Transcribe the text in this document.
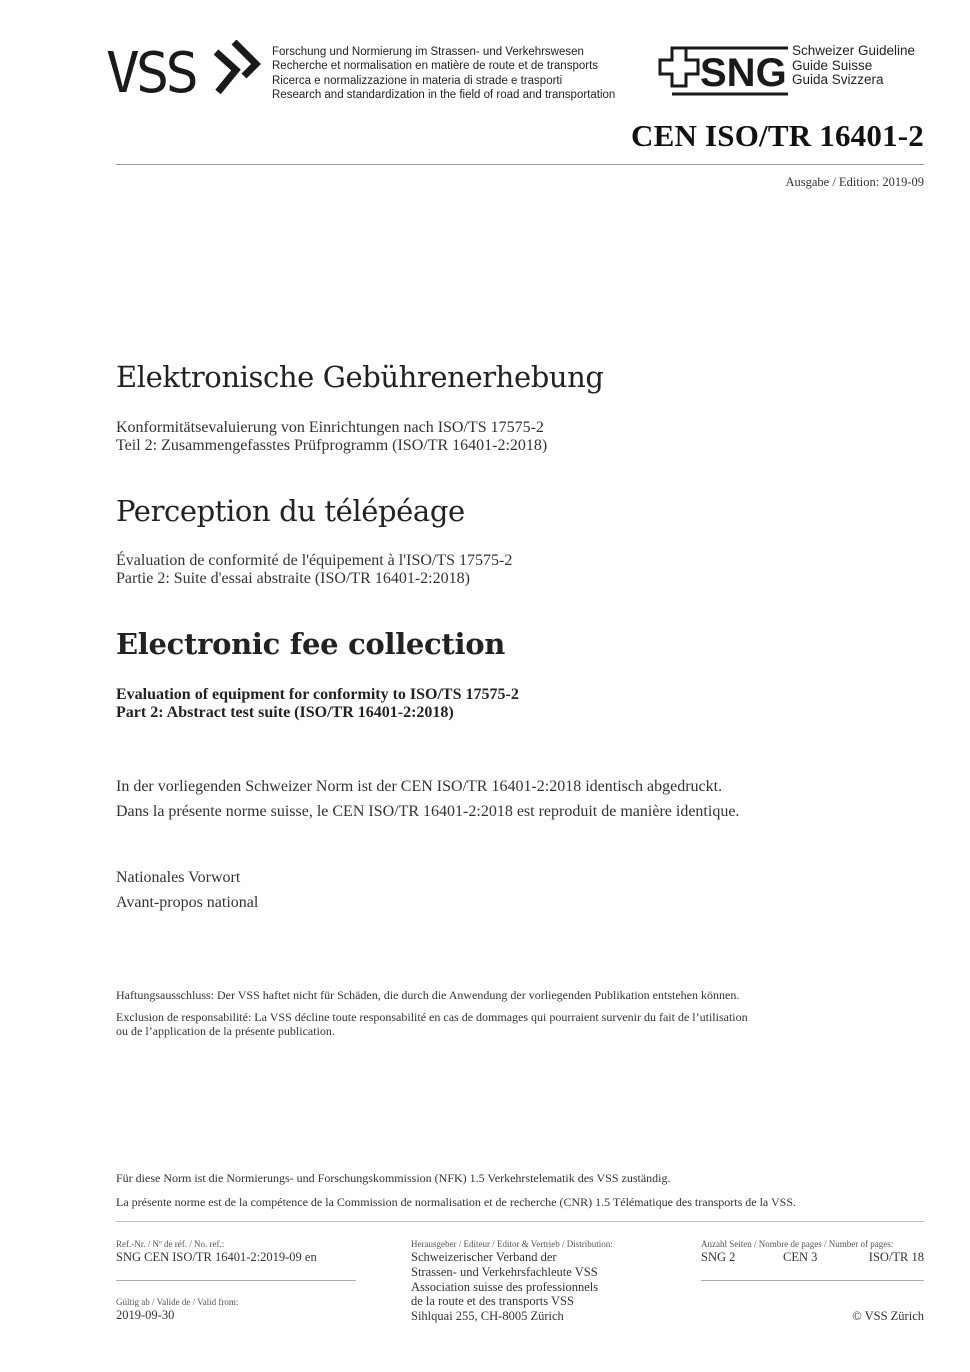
VSS	Forschung und Normierung im Strassen- und Verkehrswesen
Recherche et normalisation en matière de route et de transports
Ricerca e normalizzazione in materia di strade e trasporti
Research and standardization in the field of road and transportation
SNG
Schweizer Guideline
Guide Suisse
Guida Svizzera
CEN ISO/TR 16401-2
Ausgabe / Edition: 2019-09
Elektronische Gebührenerhebung
Konformitätsevaluierung von Einrichtungen nach ISO/TS 17575-2
Teil 2: Zusammengefasstes Prüfprogramm (ISO/TR 16401-2:2018)
Perception du télépéage
Évaluation de conformité de l'équipement à l'ISO/TS 17575-2
Partie 2: Suite d'essai abstraite (ISO/TR 16401-2:2018)
Electronic fee collection
Evaluation of equipment for conformity to ISO/TS 17575-2
Part 2: Abstract test suite (ISO/TR 16401-2:2018)
In der vorliegenden Schweizer Norm ist der CEN ISO/TR 16401-2:2018 identisch abgedruckt.
Dans la présente norme suisse, le CEN ISO/TR 16401-2:2018 est reproduit de manière identique.
Nationales Vorwort
Avant-propos national
Haftungsausschluss: Der VSS haftet nicht für Schäden, die durch die Anwendung der vorliegenden Publikation entstehen können.
Exclusion de responsabilité: La VSS décline toute responsabilité en cas de dommages qui pourraient survenir du fait de l’utilisation
ou de l’application de la présente publication.
Für diese Norm ist die Normierungs- und Forschungskommission (NFK) 1.5 Verkehrstelematik des VSS zuständig.
La présente norme est de la compétence de la Commission de normalisation et de recherche (CNR) 1.5 Télématique des transports de la VSS.
Ref.-Nr. / Nº de réf. / No. ref.:
SNG CEN ISO/TR 16401-2:2019-09 en
Gültig ab / Valide de / Valid from:
2019-09-30
Herausgeber / Editeur / Editor & Vertrieb / Distribution:
Schweizerischer Verband der
Strassen- und Verkehrsfachleute VSS
Association suisse des professionnels
de la route et des transports VSS
Sihlquai 255, CH-8005 Zürich
Anzahl Seiten / Nombre de pages / Number of pages:
SNG 2	CEN 3	ISO/TR 18
© VSS Zürich
